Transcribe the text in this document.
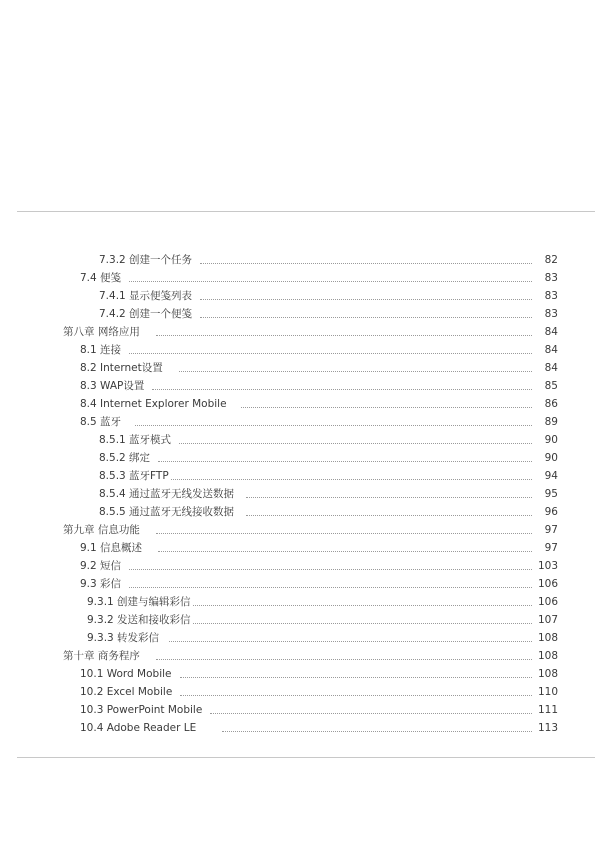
7.3.2 创建一个任务	82
7.4 便笺	83
7.4.1 显示便笺列表	83
7.4.2 创建一个便笺	83
第八章 网络应用	84
8.1 连接	84
8.2 Internet设置	84
8.3 WAP设置	85
8.4 Internet Explorer Mobile	86
8.5 蓝牙	89
8.5.1 蓝牙模式	90
8.5.2 绑定	90
8.5.3 蓝牙FTP	94
8.5.4 通过蓝牙无线发送数据	95
8.5.5 通过蓝牙无线接收数据	96
第九章 信息功能	97
9.1 信息概述	97
9.2 短信	103
9.3 彩信	106
9.3.1 创建与编辑彩信	106
9.3.2 发送和接收彩信	107
9.3.3 转发彩信	108
第十章 商务程序	108
10.1 Word Mobile	108
10.2 Excel Mobile	110
10.3 PowerPoint Mobile	111
10.4 Adobe Reader LE	113
